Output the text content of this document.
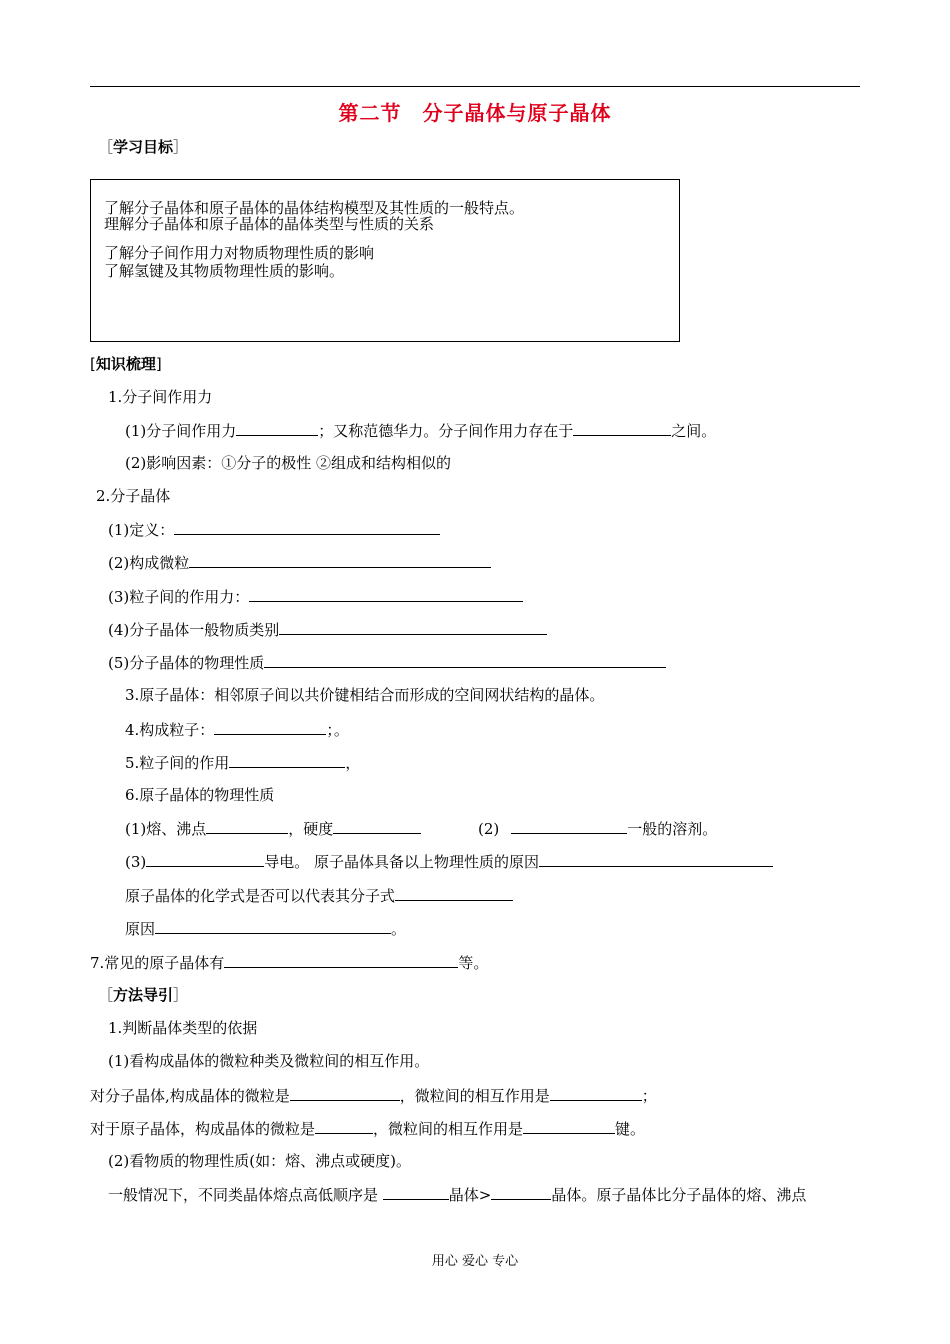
第二节　分子晶体与原子晶体
［学习目标］
了解分子晶体和原子晶体的晶体结构模型及其性质的一般特点。
理解分子晶体和原子晶体的晶体类型与性质的关系
了解分子间作用力对物质物理性质的影响
了解氢键及其物质物理性质的影响。
[知识梳理]
1.分子间作用力
(1)分子间作用力	；又称范德华力。分子间作用力存在于	之间。
(2)影响因素：①分子的极性 ②组成和结构相似的
2.分子晶体
(1)定义：
(2)构成微粒
(3)粒子间的作用力：
(4)分子晶体一般物质类别
(5)分子晶体的物理性质
3.原子晶体：相邻原子间以共价键相结合而形成的空间网状结构的晶体。
4.构成粒子：	；。
5.粒子间的作用	，
6.原子晶体的物理性质
(1)熔、沸点	，硬度	(2)	一般的溶剂。
(3)	导电。 原子晶体具备以上物理性质的原因
原子晶体的化学式是否可以代表其分子式
原因	。
7.常见的原子晶体有	等。
［方法导引］
1.判断晶体类型的依据
(1)看构成晶体的微粒种类及微粒间的相互作用。
对分子晶体,构成晶体的微粒是	，微粒间的相互作用是	；
对于原子晶体，构成晶体的微粒是	，微粒间的相互作用是	键。
(2)看物质的物理性质(如：熔、沸点或硬度)。
一般情况下，不同类晶体熔点高低顺序是	晶体>	晶体。原子晶体比分子晶体的熔、沸点
用心 爱心 专心
